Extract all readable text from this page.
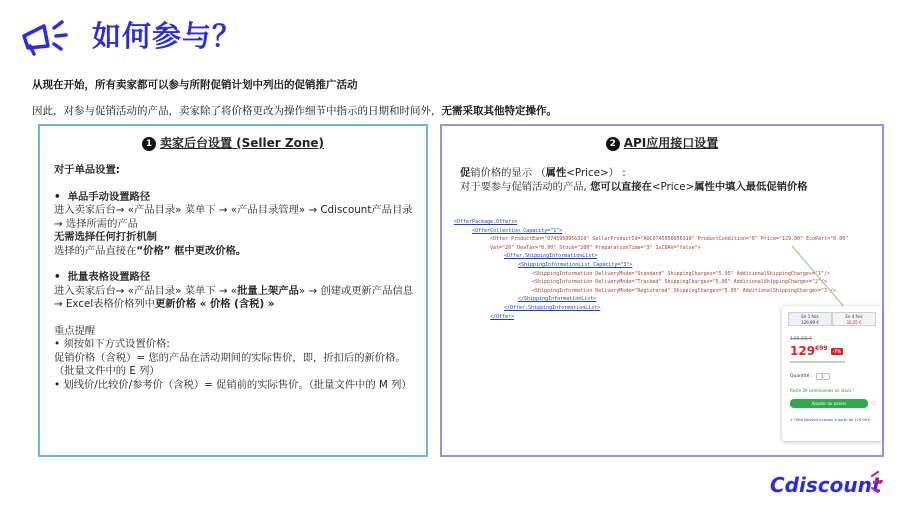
如何参与？
从现在开始，所有卖家都可以参与所附促销计划中列出的促销推广活动
因此，对参与促销活动的产品，卖家除了将价格更改为操作细节中指示的日期和时间外，无需采取其他特定操作。
1 卖家后台设置 (Seller Zone)
对于单品设置:
•  单品手动设置路径
进入卖家后台→ «产品目录» 菜单下 → «产品目录管理» → Cdiscount产品目录 → 选择所需的产品
无需选择任何打折机制
选择的产品直接在“价格” 框中更改价格。
•  批量表格设置路径
进入卖家后台→ «产品目录» 菜单下 → «批量上架产品» → 创建或更新产品信息 → Excel表格价格列中更新价格 « 价格 (含税) »
重点提醒
• 须按如下方式设置价格:
促销价格（含税）= 您的产品在活动期间的实际售价，即，折扣后的新价格。（批量文件中的 E 列）
• 划线价/比较价/参考价（含税）= 促销前的实际售价。（批量文件中的 M 列）
2 API应用接口设置
促销价格的显示 （属性<Price>） :
对于要参与促销活动的产品, 您可以直接在<Price>属性中填入最低促销价格
<OfferPackage.Offers>
<OfferCollection Capacity="1">
<Offer ProductEan="0745950956310" SellerProductId="AUC0745950956310" ProductCondition="6" Price="129.00" EcoPart="0.00"
Vat="20" DeaTax="0.00" Stock="200" PreparationTime="3" IsCDAV="false">
<Offer.ShippingInformationList>
<ShippingInformationList Capacity="3">
<ShippingInformation DeliveryMode="Standard" ShippingCharges="5.95" AdditionalShippingCharges="1"/>
<ShippingInformation DeliveryMode="Tracked" ShippingCharges="5.95" AdditionalShippingCharges="2"/>
<ShippingInformation DeliveryMode="Registered" ShippingCharges="5.95" AdditionalShippingCharges="3"/>
</ShippingInformationList>
</Offer.ShippingInformationList>
</Offer>	En 1 fois
129,99 €
En 4 fois
32,25 €
139,99 €
$129^{€99}$ -7%
Quantité :	1
Reste 39 commandes en stock !
Ajouter au panier	♡
+ Offre Neuve/Occasion à partir de 129,99 €
Cdiscount
